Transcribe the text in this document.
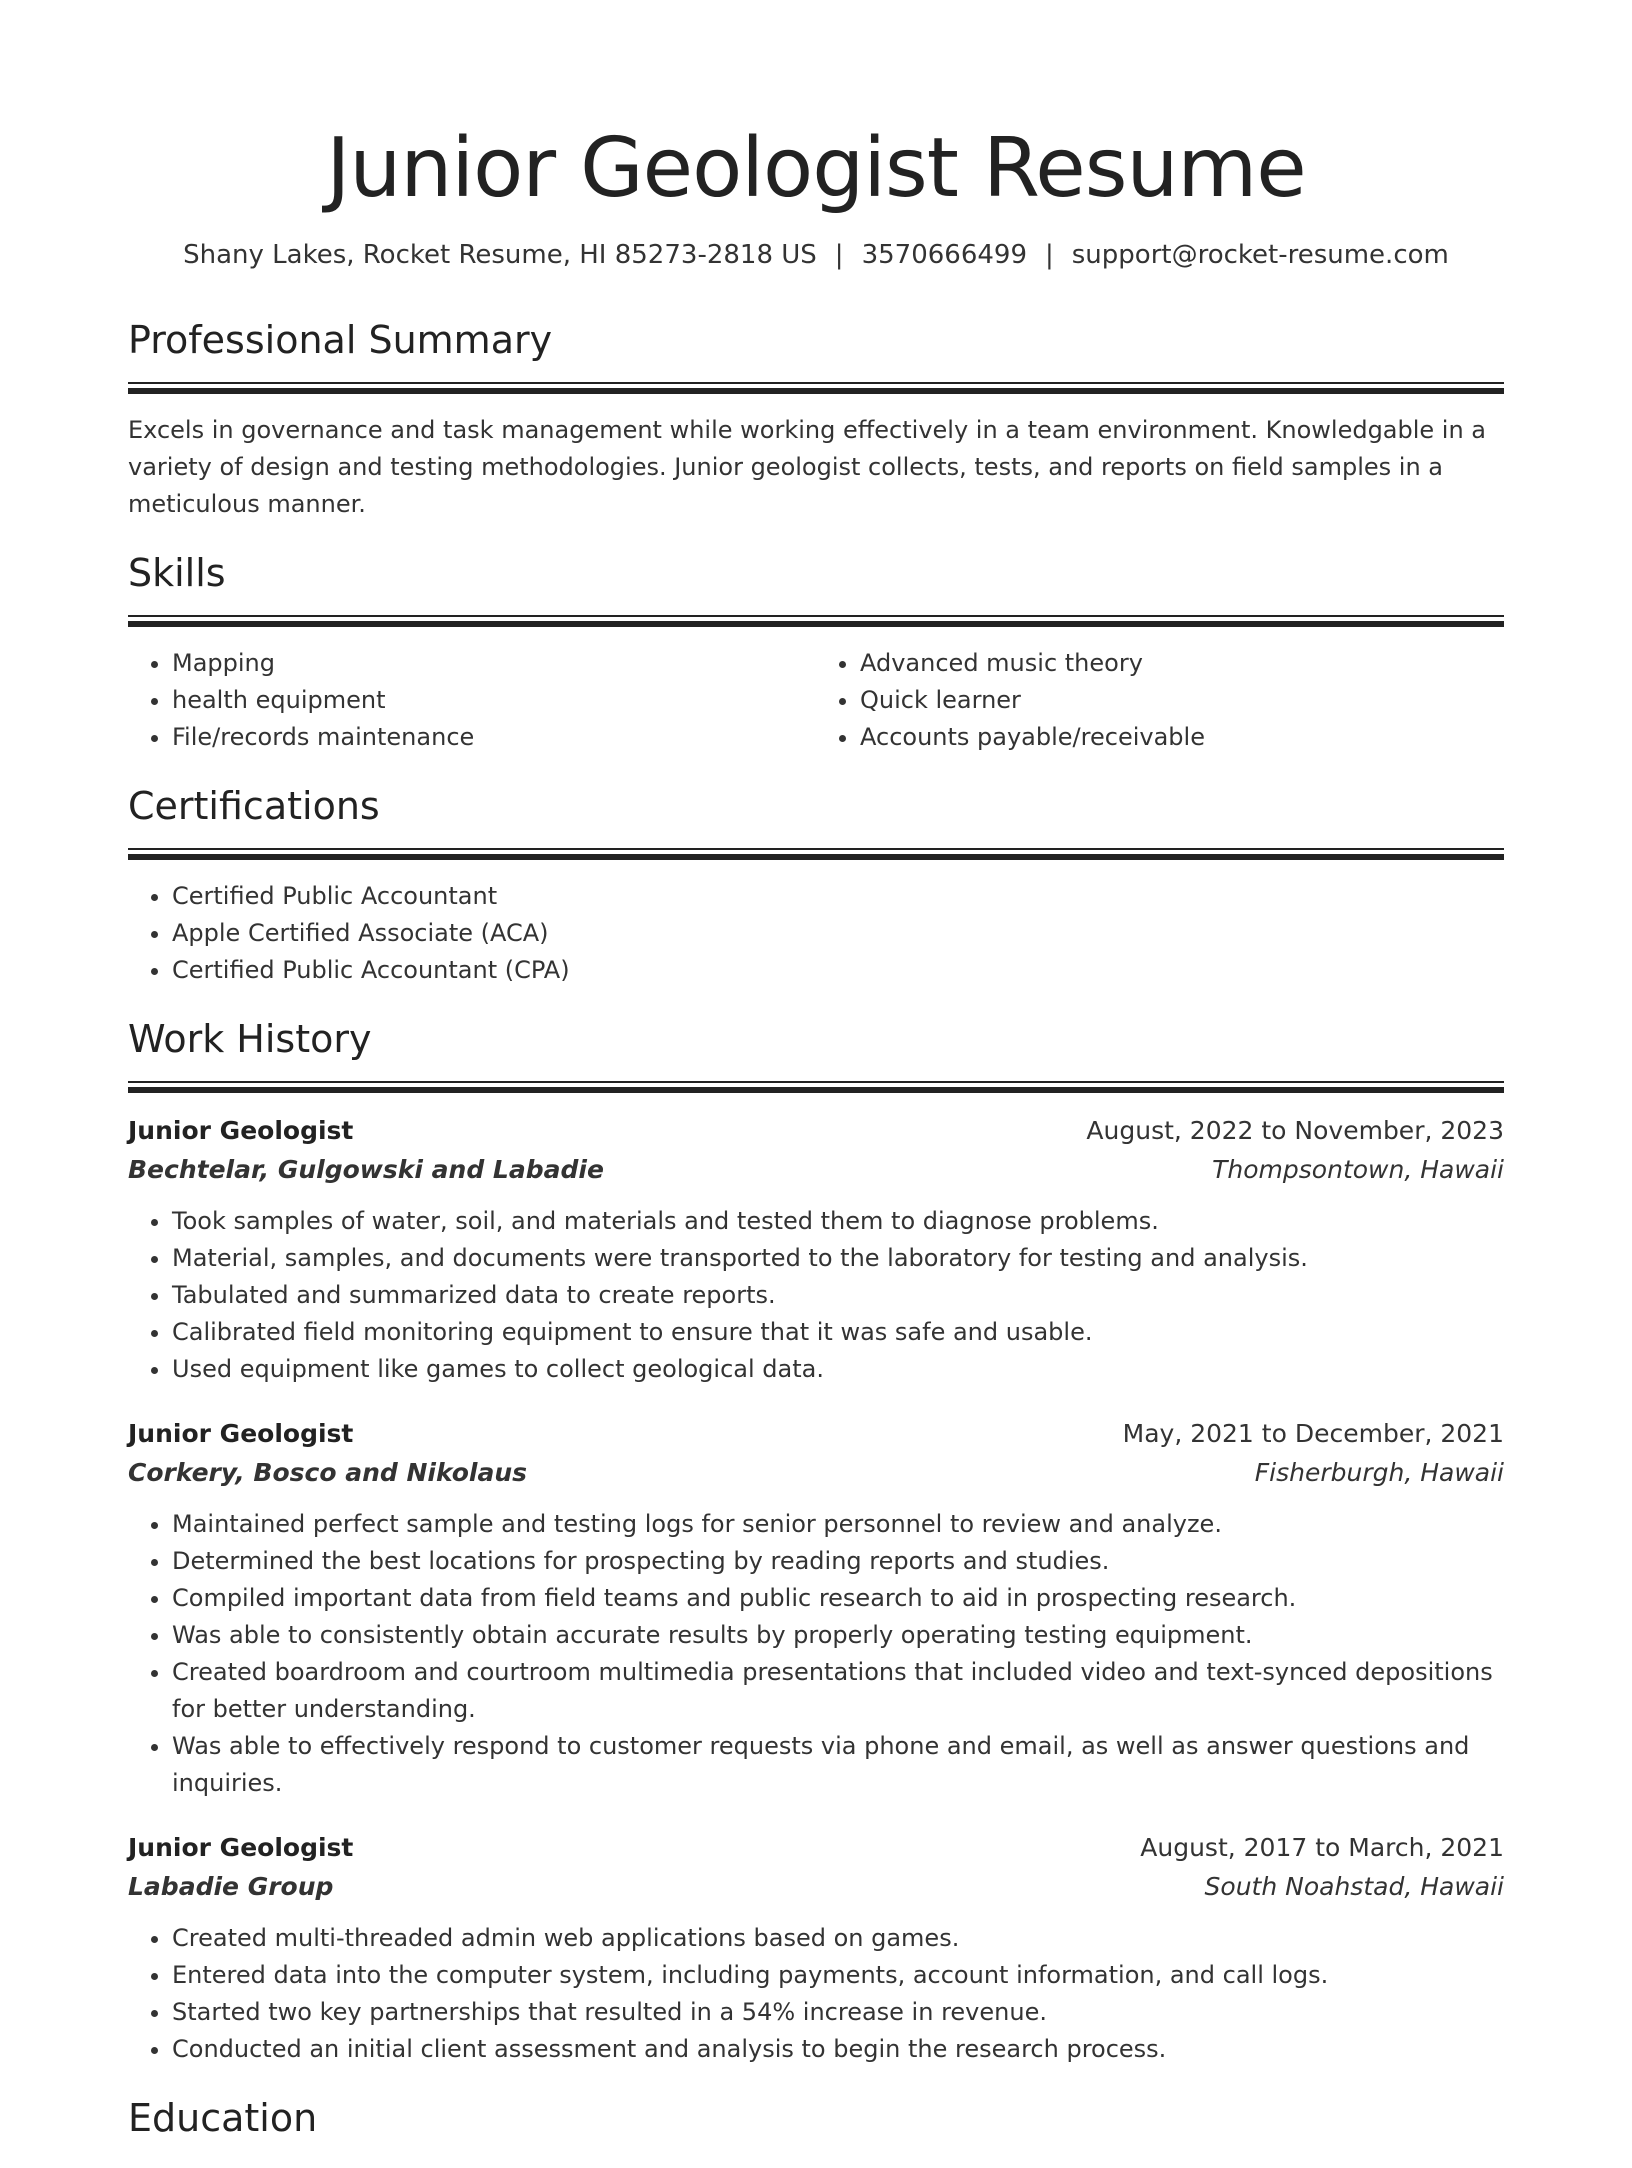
Junior Geologist Resume
Shany Lakes, Rocket Resume, HI 85273-2818 US | 3570666499 | support@rocket-resume.com
Professional Summary

Excels in governance and task management while working effectively in a team environment. Knowledgable in a variety of design and testing methodologies. Junior geologist collects, tests, and reports on field samples in a meticulous manner.

Skills
• Mapping
• health equipment
• File/records maintenance
• Advanced music theory
• Quick learner
• Accounts payable/receivable
Certifications
• Certified Public Accountant
• Apple Certified Associate (ACA)
• Certified Public Accountant (CPA)
Work History
Junior Geologist	August, 2022 to November, 2023
Bechtelar, Gulgowski and Labadie	Thompsontown, Hawaii
• Took samples of water, soil, and materials and tested them to diagnose problems.
• Material, samples, and documents were transported to the laboratory for testing and analysis.
• Tabulated and summarized data to create reports.
• Calibrated field monitoring equipment to ensure that it was safe and usable.
• Used equipment like games to collect geological data.
Junior Geologist	May, 2021 to December, 2021
Corkery, Bosco and Nikolaus	Fisherburgh, Hawaii
• Maintained perfect sample and testing logs for senior personnel to review and analyze.
• Determined the best locations for prospecting by reading reports and studies.
• Compiled important data from field teams and public research to aid in prospecting research.
• Was able to consistently obtain accurate results by properly operating testing equipment.
• Created boardroom and courtroom multimedia presentations that included video and text-synced depositions for better understanding.
• Was able to effectively respond to customer requests via phone and email, as well as answer questions and inquiries.
Junior Geologist	August, 2017 to March, 2021
Labadie Group	South Noahstad, Hawaii
• Created multi-threaded admin web applications based on games.
• Entered data into the computer system, including payments, account information, and call logs.
• Started two key partnerships that resulted in a 54% increase in revenue.
• Conducted an initial client assessment and analysis to begin the research process.
Education
